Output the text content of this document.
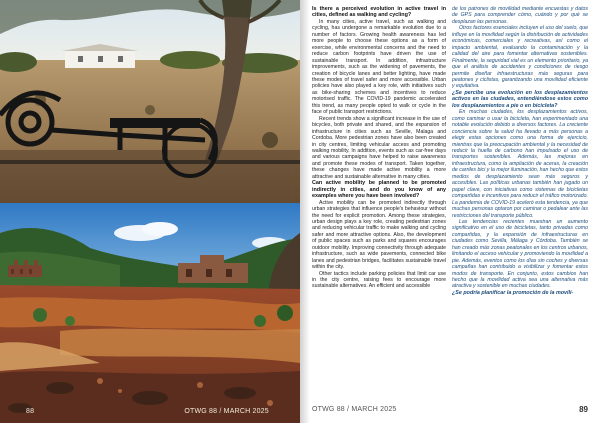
88	OTWG 88 / MARCH 2025

Is there a perceived evolution in active travel in cities, defined as walking and cycling?

In many cities, active travel, such as walking and cycling, has undergone a remarkable evolution due to a number of factors. Growing health awareness has led more people to choose these options as a form of exercise, while environmental concerns and the need to reduce carbon footprints have driven the use of sustainable transport. In addition, infrastructure improvements, such as the widening of pavements, the creation of bicycle lanes and better lighting, have made these modes of travel safer and more accessible. Urban policies have also played a key role, with initiatives such as bike-sharing schemes and incentives to reduce motorised traffic. The COVID-19 pandemic accelerated this trend, as many people opted to walk or cycle in the face of public transport restrictions.

Recent trends show a significant increase in the use of bicycles, both private and shared, and the expansion of infrastructure in cities such as Seville, Malaga and Cordoba. More pedestrian zones have also been created in city centres, limiting vehicular access and promoting walking mobility. In addition, events such as car-free days and various campaigns have helped to raise awareness and promote these modes of transport. Taken together, these changes have made active mobility a more attractive and sustainable alternative in many cities.

Can active mobility be planned to be promoted indirectly in cities, and do you know of any examples where you have been involved?

Active mobility can be promoted indirectly through urban strategies that influence people's behaviour without the need for explicit promotion. Among these strategies, urban design plays a key role, creating pedestrian zones and reducing vehicular traffic to make walking and cycling safer and more attractive options. Also, the development of public spaces such as parks and squares encourages outdoor mobility. Improving connectivity through adequate infrastructure, such as wide pavements, connected bike lanes and pedestrian bridges, facilitates sustainable travel within the city.

Other tactics include parking policies that limit car use in the city centre, raising fees to encourage more sustainable alternatives. An efficient and accessible

de los patrones de movilidad mediante encuestas y datos de GPS para comprender cómo, cuándo y por qué se desplazan las personas.

Otros factores esenciales incluyen el uso del suelo, que influye en la movilidad según la distribución de actividades económicas, comerciales y recreativas, así como el impacto ambiental, evaluando la contaminación y la calidad del aire para fomentar alternativas sostenibles. Finalmente, la seguridad vial es un elemento prioritario, ya que el análisis de accidentes y condiciones de riesgo permite diseñar infraestructuras más seguras para peatones y ciclistas, garantizando una movilidad eficiente y equitativa.

¿Se percibe una evolución en los desplazamientos activos en las ciudades, entendiéndose estos como los desplazamientos a pie o en bicicleta?

En muchas ciudades, los desplazamientos activos, como caminar o usar la bicicleta, han experimentado una notable evolución debido a diversos factores. La creciente conciencia sobre la salud ha llevado a más personas a elegir estas opciones como una forma de ejercicio, mientras que la preocupación ambiental y la necesidad de reducir la huella de carbono han impulsado el uso de transportes sostenibles. Además, las mejoras en infraestructura, como la ampliación de aceras, la creación de carriles bici y la mejor iluminación, han hecho que estos medios de desplazamiento sean más seguros y accesibles. Las políticas urbanas también han jugado un papel clave, con iniciativas como sistemas de bicicletas compartidas e incentivos para reducir el tráfico motorizado. La pandemia de COVID-19 aceleró esta tendencia, ya que muchas personas optaron por caminar o pedalear ante las restricciones del transporte público.

Las tendencias recientes muestran un aumento significativo en el uso de bicicletas, tanto privadas como compartidas, y la expansión de infraestructuras en ciudades como Sevilla, Málaga y Córdoba. También se han creado más zonas peatonales en los centros urbanos, limitando el acceso vehicular y promoviendo la movilidad a pie. Además, eventos como los días sin coches y diversas campañas han contribuido a visibilizar y fomentar estos modos de transporte. En conjunto, estos cambios han hecho que la movilidad activa sea una alternativa más atractiva y sostenible en muchas ciudades.

¿Se podría planificar la promoción de la movili-

OTWG 88 / MARCH 2025	89
